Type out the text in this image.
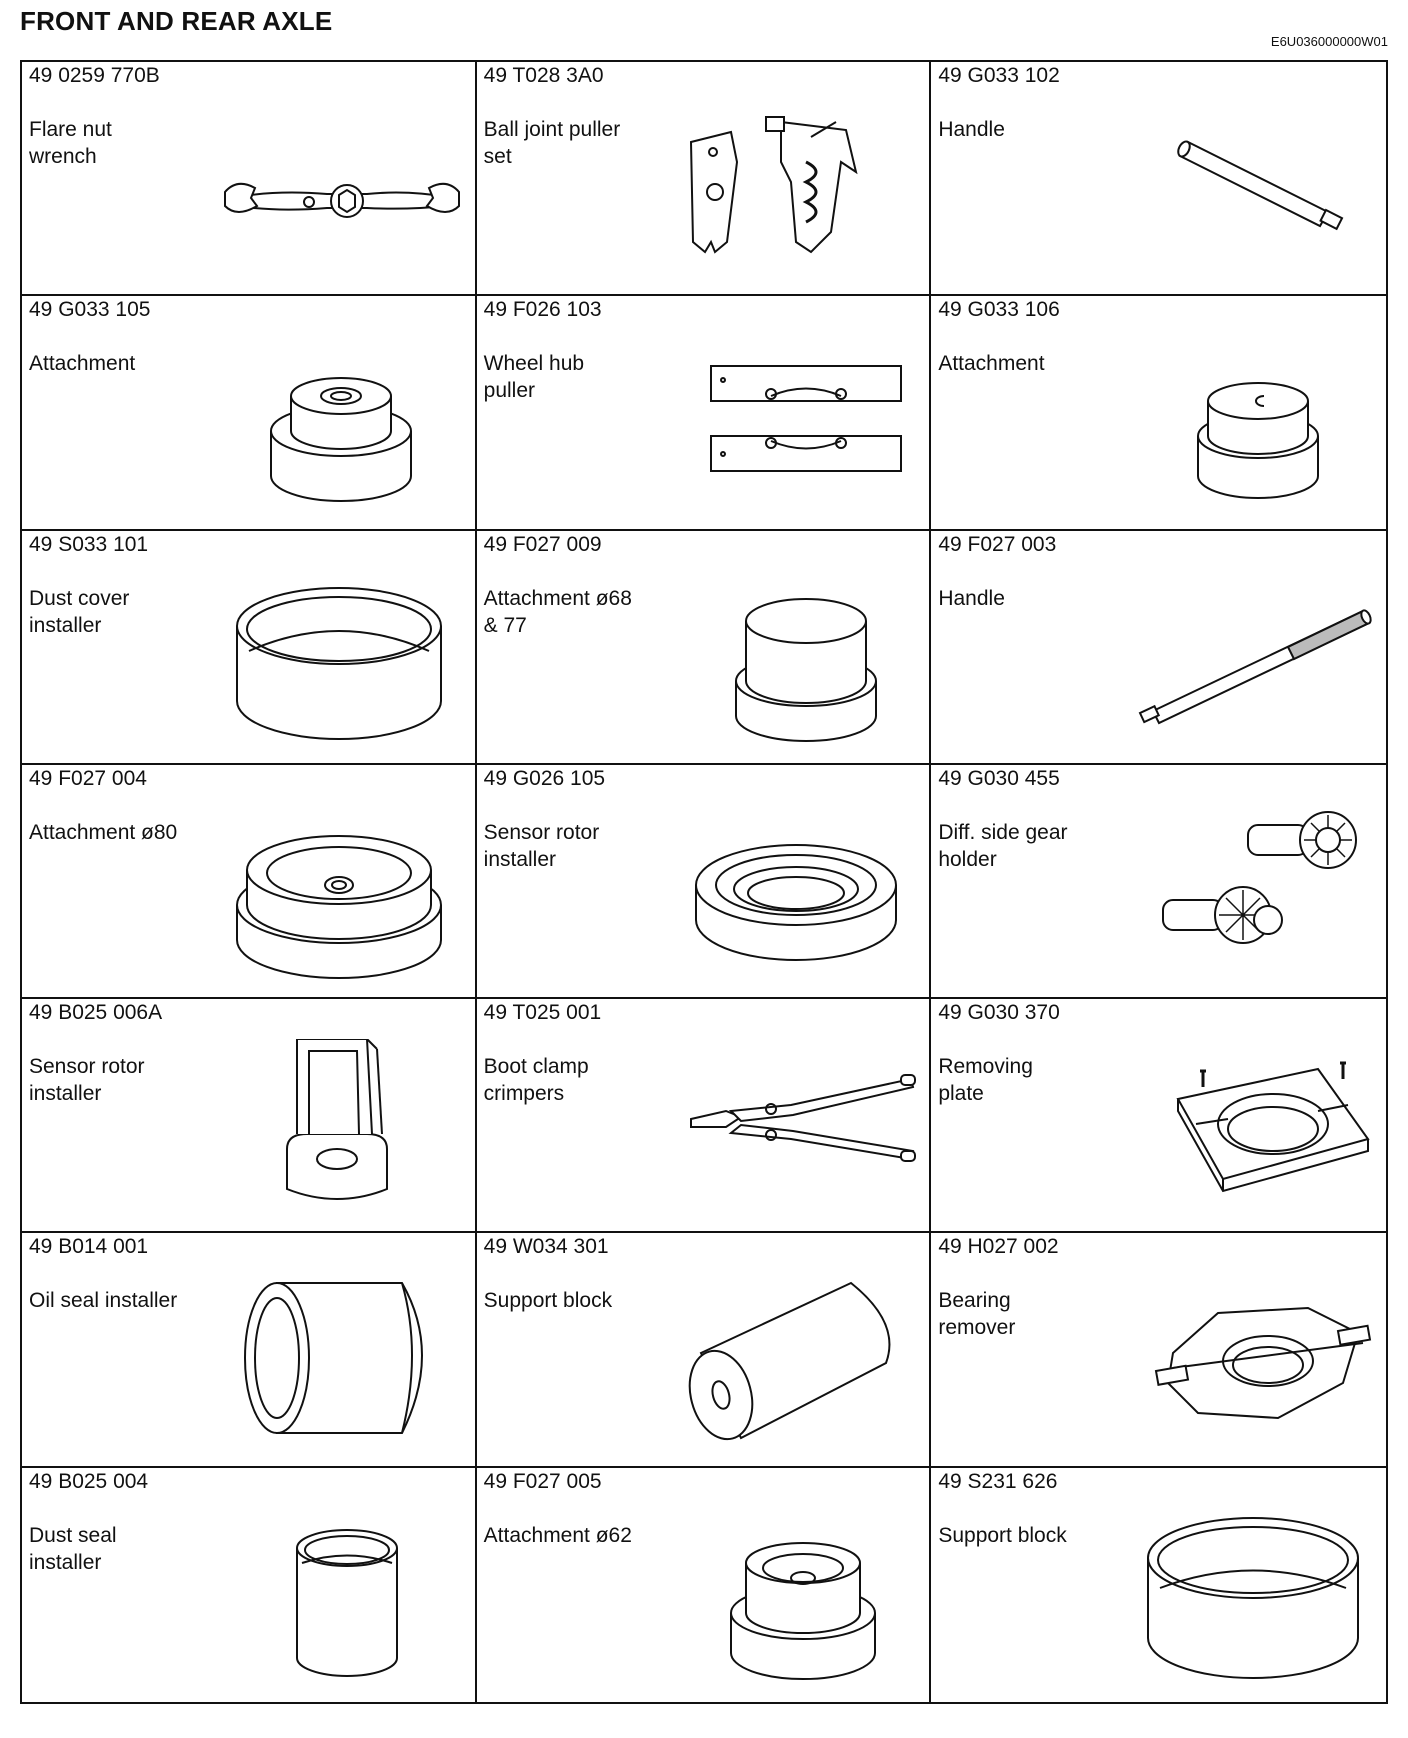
FRONT AND REAR AXLE
E6U036000000W01
49 0259 770B
Flare nut
wrench
49 T028 3A0
Ball joint puller
set
49 G033 102
Handle
49 G033 105
Attachment
49 F026 103
Wheel hub
puller
49 G033 106
Attachment
49 S033 101
Dust cover
installer
49 F027 009
Attachment ø68
& 77
49 F027 003
Handle
49 F027 004
Attachment ø80
49 G026 105
Sensor rotor
installer
49 G030 455
Diff. side gear
holder
49 B025 006A
Sensor rotor
installer
49 T025 001
Boot clamp
crimpers
49 G030 370
Removing
plate
49 B014 001
Oil seal installer
49 W034 301
Support block
49 H027 002
Bearing
remover
49 B025 004
Dust seal
installer
49 F027 005
Attachment ø62
49 S231 626
Support block
